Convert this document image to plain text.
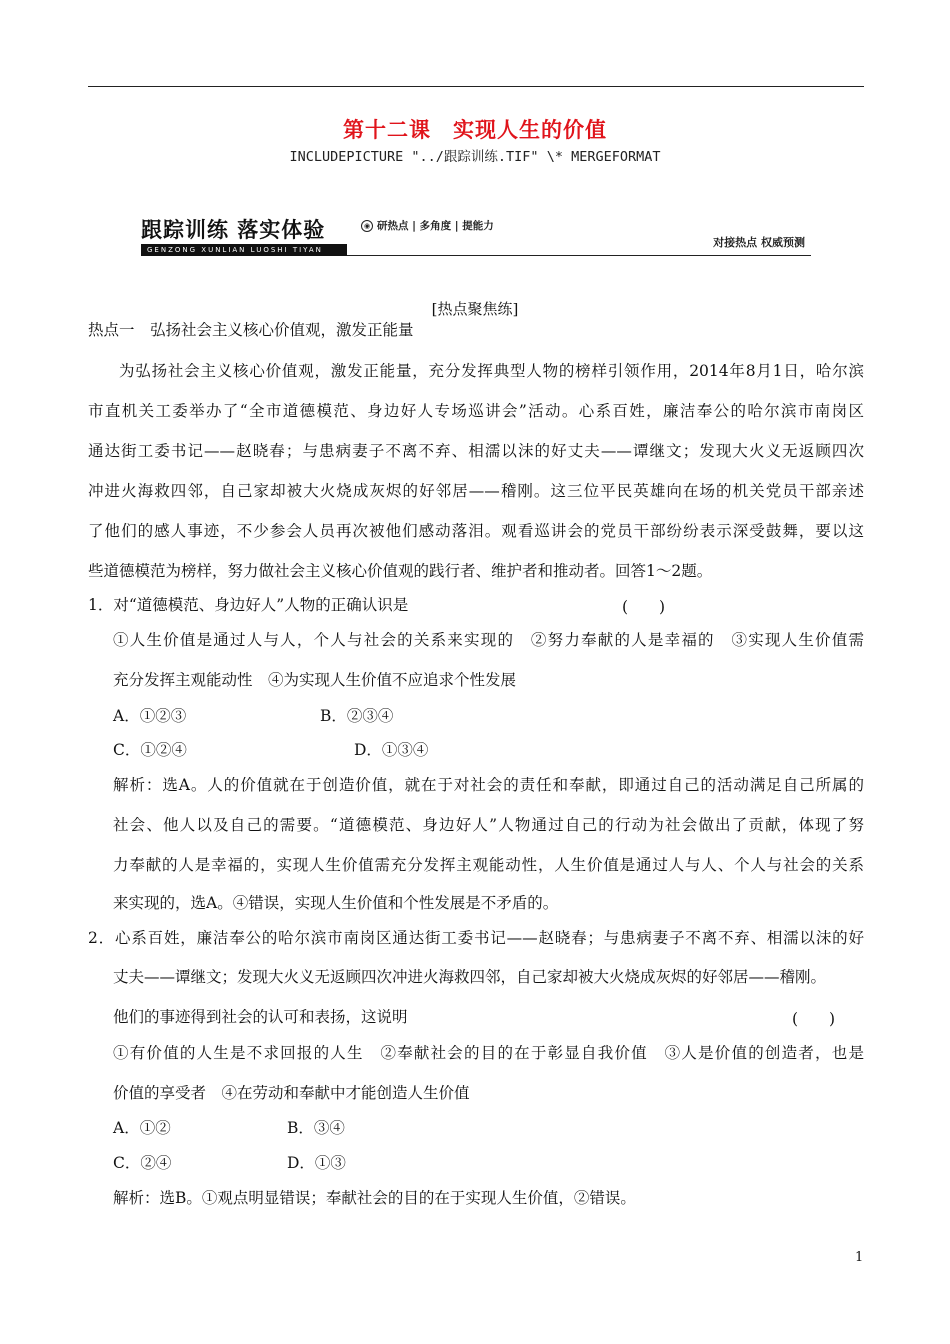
第十二课 实现人生的价值
INCLUDEPICTURE "../跟踪训练.TIF" \* MERGEFORMAT
跟踪训练 落实体验
GENZONG XUNLIAN LUOSHI TIYAN
◉ 研热点 | 多角度 | 提能力
对接热点 权威预测
[热点聚焦练]
热点一　弘扬社会主义核心价值观，激发正能量
为弘扬社会主义核心价值观，激发正能量，充分发挥典型人物的榜样引领作用，2014年8月1日，哈尔滨
市直机关工委举办了“全市道德模范、身边好人专场巡讲会”活动。心系百姓，廉洁奉公的哈尔滨市南岗区
通达街工委书记——赵晓春；与患病妻子不离不弃、相濡以沫的好丈夫——谭继文；发现大火义无返顾四次
冲进火海救四邻，自己家却被大火烧成灰烬的好邻居——稽刚。这三位平民英雄向在场的机关党员干部亲述
了他们的感人事迹，不少参会人员再次被他们感动落泪。观看巡讲会的党员干部纷纷表示深受鼓舞，要以这
些道德模范为榜样，努力做社会主义核心价值观的践行者、维护者和推动者。回答1～2题。
1．对“道德模范、身边好人”人物的正确认识是	(　　)
①人生价值是通过人与人，个人与社会的关系来实现的　②努力奉献的人是幸福的　③实现人生价值需
充分发挥主观能动性　④为实现人生价值不应追求个性发展
A．①②③	B．②③④
C．①②④	D．①③④
解析：选A。人的价值就在于创造价值，就在于对社会的责任和奉献，即通过自己的活动满足自己所属的
社会、他人以及自己的需要。“道德模范、身边好人”人物通过自己的行动为社会做出了贡献，体现了努
力奉献的人是幸福的，实现人生价值需充分发挥主观能动性，人生价值是通过人与人、个人与社会的关系
来实现的，选A。④错误，实现人生价值和个性发展是不矛盾的。
2．心系百姓，廉洁奉公的哈尔滨市南岗区通达街工委书记——赵晓春；与患病妻子不离不弃、相濡以沫的好
丈夫——谭继文；发现大火义无返顾四次冲进火海救四邻，自己家却被大火烧成灰烬的好邻居——稽刚。
他们的事迹得到社会的认可和表扬，这说明	(　　)
①有价值的人生是不求回报的人生　②奉献社会的目的在于彰显自我价值　③人是价值的创造者，也是
价值的享受者　④在劳动和奉献中才能创造人生价值
A．①②	B．③④
C．②④	D．①③
解析：选B。①观点明显错误；奉献社会的目的在于实现人生价值，②错误。
1
